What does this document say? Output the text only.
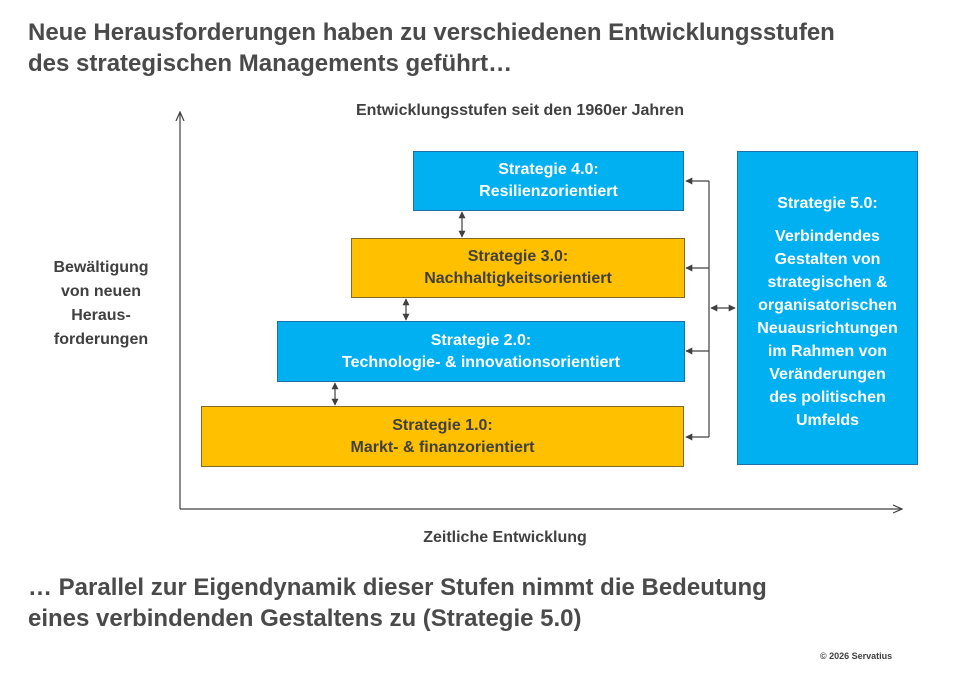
Neue Herausforderungen haben zu verschiedenen Entwicklungsstufen
des strategischen Managements geführt…
Entwicklungsstufen seit den 1960er Jahren
Bewältigung
von neuen
Heraus-
forderungen
Strategie 4.0:
Resilienzorientiert
Strategie 3.0:
Nachhaltigkeitsorientiert
Strategie 2.0:
Technologie- & innovationsorientiert
Strategie 1.0:
Markt- & finanzorientiert
Strategie 5.0:
Verbindendes
Gestalten von
strategischen &
organisatorischen
Neuausrichtungen
im Rahmen von
Veränderungen
des politischen
Umfelds
Zeitliche Entwicklung
… Parallel zur Eigendynamik dieser Stufen nimmt die Bedeutung
eines verbindenden Gestaltens zu (Strategie 5.0)
© 2026 Servatius
